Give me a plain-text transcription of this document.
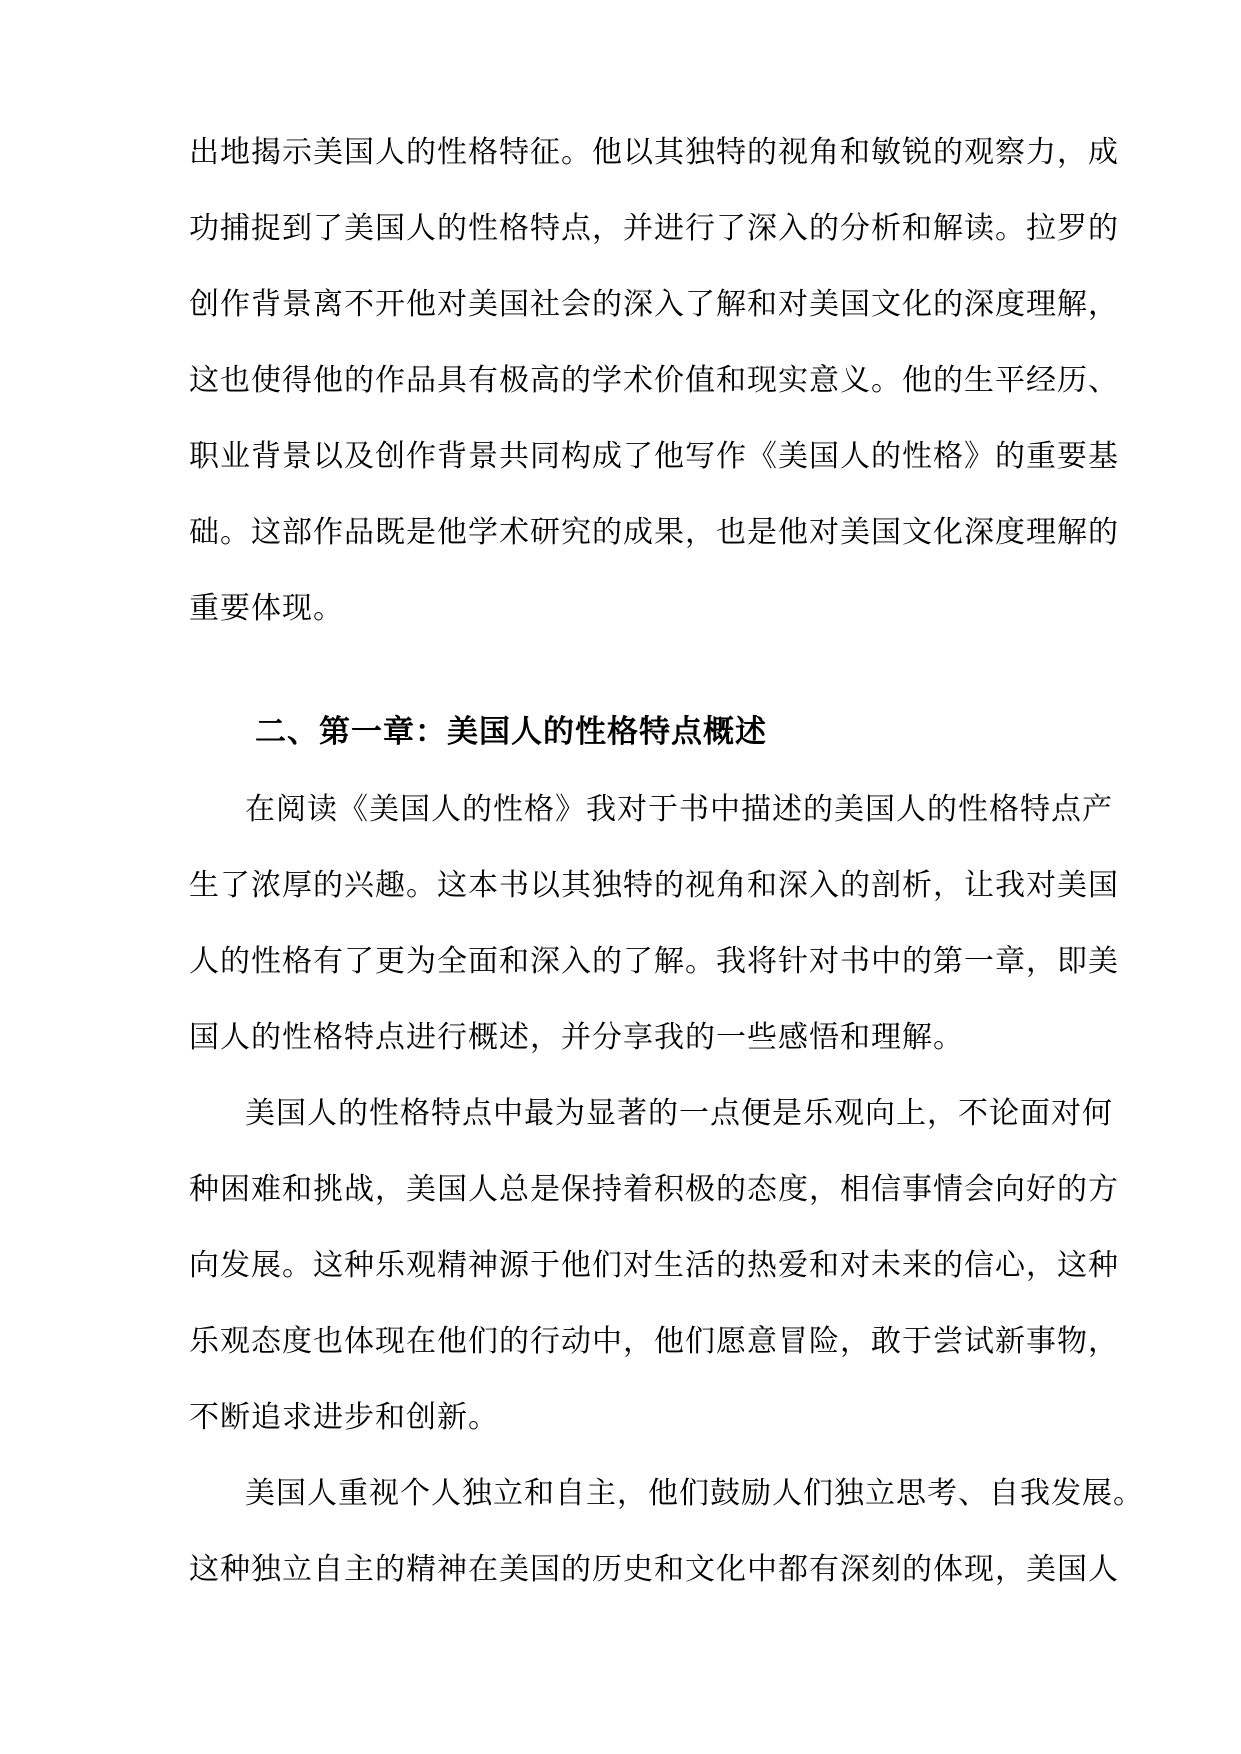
出地揭示美国人的性格特征。他以其独特的视角和敏锐的观察力，成
功捕捉到了美国人的性格特点，并进行了深入的分析和解读。拉罗的
创作背景离不开他对美国社会的深入了解和对美国文化的深度理解，
这也使得他的作品具有极高的学术价值和现实意义。他的生平经历、
职业背景以及创作背景共同构成了他写作《美国人的性格》的重要基
础。这部作品既是他学术研究的成果，也是他对美国文化深度理解的
重要体现。
二、第一章：美国人的性格特点概述
在阅读《美国人的性格》我对于书中描述的美国人的性格特点产
生了浓厚的兴趣。这本书以其独特的视角和深入的剖析，让我对美国
人的性格有了更为全面和深入的了解。我将针对书中的第一章，即美
国人的性格特点进行概述，并分享我的一些感悟和理解。
美国人的性格特点中最为显著的一点便是乐观向上，不论面对何
种困难和挑战，美国人总是保持着积极的态度，相信事情会向好的方
向发展。这种乐观精神源于他们对生活的热爱和对未来的信心，这种
乐观态度也体现在他们的行动中，他们愿意冒险，敢于尝试新事物，
不断追求进步和创新。
美国人重视个人独立和自主，他们鼓励人们独立思考、自我发展。
这种独立自主的精神在美国的历史和文化中都有深刻的体现，美国人
